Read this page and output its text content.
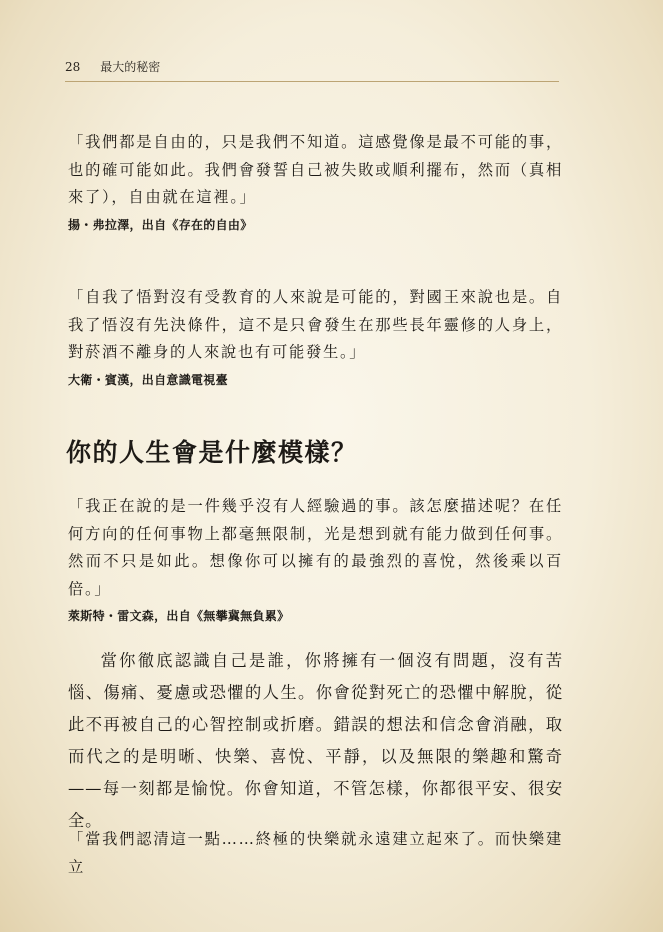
28 最大的秘密

「我們都是自由的，只是我們不知道。這感覺像是最不可能的事，也的確可能如此。我們會發誓自己被失敗或順利擺布，然而（真相來了），自由就在這裡。」

揚・弗拉澤，出自《存在的自由》

「自我了悟對沒有受教育的人來說是可能的，對國王來說也是。自我了悟沒有先決條件，這不是只會發生在那些長年靈修的人身上，對菸酒不離身的人來說也有可能發生。」

大衛・賓漢，出自意識電視臺

你的人生會是什麼模樣？

「我正在說的是一件幾乎沒有人經驗過的事。該怎麼描述呢？在任何方向的任何事物上都毫無限制，光是想到就有能力做到任何事。然而不只是如此。想像你可以擁有的最強烈的喜悅，然後乘以百倍。」

萊斯特・雷文森，出自《無攀冀無負累》

當你徹底認識自己是誰，你將擁有一個沒有問題，沒有苦惱、傷痛、憂慮或恐懼的人生。你會從對死亡的恐懼中解脫，從此不再被自己的心智控制或折磨。錯誤的想法和信念會消融，取而代之的是明晰、快樂、喜悅、平靜，以及無限的樂趣和驚奇——每一刻都是愉悅。你會知道，不管怎樣，你都很平安、很安全。

「當我們認清這一點……終極的快樂就永遠建立起來了。而快樂建立
